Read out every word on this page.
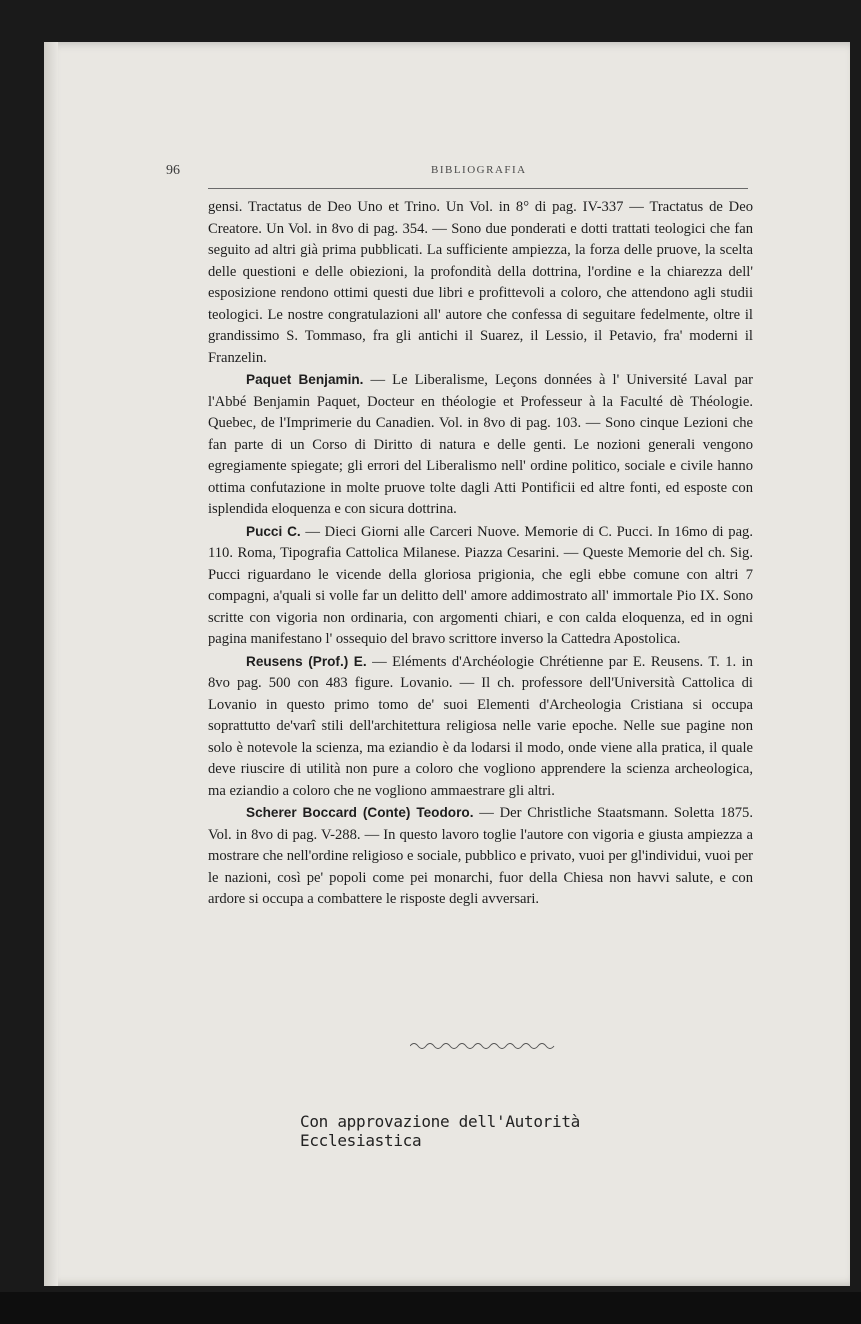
96	BIBLIOGRAFIA

gensi. Tractatus de Deo Uno et Trino. Un Vol. in 8° di pag. IV-337 — Tractatus de Deo Creatore. Un Vol. in 8vo di pag. 354. — Sono due ponderati e dotti trattati teologici che fan seguito ad altri già prima pubblicati. La sufficiente ampiezza, la forza delle pruove, la scelta delle questioni e delle obiezioni, la profondità della dottrina, l'ordine e la chiarezza dell' esposizione rendono ottimi questi due libri e profittevoli a coloro, che attendono agli studii teologici. Le nostre congratulazioni all' autore che confessa di seguitare fedelmente, oltre il grandissimo S. Tommaso, fra gli antichi il Suarez, il Lessio, il Petavio, fra' moderni il Franzelin.

Paquet Benjamin. — Le Liberalisme, Leçons données à l' Université Laval par l'Abbé Benjamin Paquet, Docteur en théologie et Professeur à la Faculté dè Théologie. Quebec, de l'Imprimerie du Canadien. Vol. in 8vo di pag. 103. — Sono cinque Lezioni che fan parte di un Corso di Diritto di natura e delle genti. Le nozioni generali vengono egregiamente spiegate; gli errori del Liberalismo nell' ordine politico, sociale e civile hanno ottima confutazione in molte pruove tolte dagli Atti Pontificii ed altre fonti, ed esposte con isplendida eloquenza e con sicura dottrina.

Pucci C. — Dieci Giorni alle Carceri Nuove. Memorie di C. Pucci. In 16mo di pag. 110. Roma, Tipografia Cattolica Milanese. Piazza Cesarini. — Queste Memorie del ch. Sig. Pucci riguardano le vicende della gloriosa prigionia, che egli ebbe comune con altri 7 compagni, a'quali si volle far un delitto dell' amore addimostrato all' immortale Pio IX. Sono scritte con vigoria non ordinaria, con argomenti chiari, e con calda eloquenza, ed in ogni pagina manifestano l' ossequio del bravo scrittore inverso la Cattedra Apostolica.

Reusens (Prof.) E. — Eléments d'Archéologie Chrétienne par E. Reusens. T. 1. in 8vo pag. 500 con 483 figure. Lovanio. — Il ch. professore dell'Università Cattolica di Lovanio in questo primo tomo de' suoi Elementi d'Archeologia Cristiana si occupa soprattutto de'varî stili dell'architettura religiosa nelle varie epoche. Nelle sue pagine non solo è notevole la scienza, ma eziandio è da lodarsi il modo, onde viene alla pratica, il quale deve riuscire di utilità non pure a coloro che vogliono apprendere la scienza archeologica, ma eziandio a coloro che ne vogliono ammaestrare gli altri.

Scherer Boccard (Conte) Teodoro. — Der Christliche Staatsmann. Soletta 1875. Vol. in 8vo di pag. V-288. — In questo lavoro toglie l'autore con vigoria e giusta ampiezza a mostrare che nell'ordine religioso e sociale, pubblico e privato, vuoi per gl'individui, vuoi per le nazioni, così pe' popoli come pei monarchi, fuor della Chiesa non havvi salute, e con ardore si occupa a combattere le risposte degli avversari.

Con approvazione dell'Autorità Ecclesiastica
